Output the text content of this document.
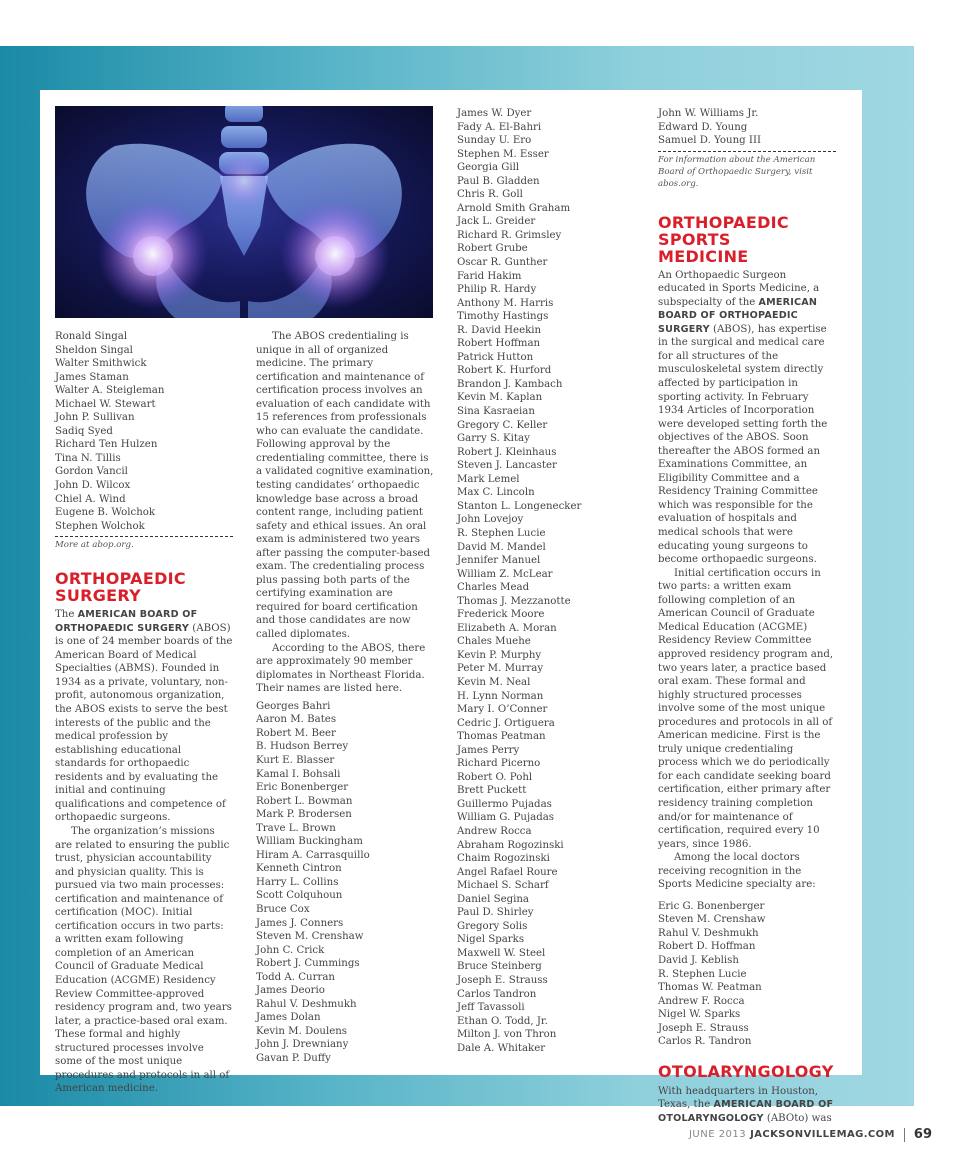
Ronald Singal
Sheldon Singal
Walter Smithwick
James Staman
Walter A. Steigleman
Michael W. Stewart
John P. Sullivan
Sadiq Syed
Richard Ten Hulzen
Tina N. Tillis
Gordon Vancil
John D. Wilcox
Chiel A. Wind
Eugene B. Wolchok
Stephen Wolchok
More at abop.org.
ORTHOPAEDIC SURGERY

The AMERICAN BOARD OF ORTHOPAEDIC SURGERY (ABOS) is one of 24 member boards of the American Board of Medical Specialties (ABMS). Founded in 1934 as a private, voluntary, non-profit, autonomous organization, the ABOS exists to serve the best interests of the public and the medical profession by establishing educational standards for orthopaedic residents and by evaluating the initial and continuing qualifications and competence of orthopaedic surgeons.

The organization’s missions are related to ensuring the public trust, physician accountability and physician quality. This is pursued via two main processes: certification and maintenance of certification (MOC). Initial certification occurs in two parts: a written exam following completion of an American Council of Graduate Medical Education (ACGME) Residency Review Committee-approved residency program and, two years later, a practice-based oral exam. These formal and highly structured processes involve some of the most unique procedures and protocols in all of American medicine.

The ABOS credentialing is unique in all of organized medicine. The primary certification and maintenance of certification process involves an evaluation of each candidate with 15 references from professionals who can evaluate the candidate. Following approval by the credentialing committee, there is a validated cognitive examination, testing candidates’ orthopaedic knowledge base across a broad content range, including patient safety and ethical issues. An oral exam is administered two years after passing the computer-based exam. The credentialing process plus passing both parts of the certifying examination are required for board certification and those candidates are now called diplomates.

According to the ABOS, there are approximately 90 member diplomates in Northeast Florida. Their names are listed here.

Georges Bahri
Aaron M. Bates
Robert M. Beer
B. Hudson Berrey
Kurt E. Blasser
Kamal I. Bohsali
Eric Bonenberger
Robert L. Bowman
Mark P. Brodersen
Trave L. Brown
William Buckingham
Hiram A. Carrasquillo
Kenneth Cintron
Harry L. Collins
Scott Colquhoun
Bruce Cox
James J. Conners
Steven M. Crenshaw
John C. Crick
Robert J. Cummings
Todd A. Curran
James Deorio
Rahul V. Deshmukh
James Dolan
Kevin M. Doulens
John J. Drewniany
Gavan P. Duffy
James W. Dyer
Fady A. El-Bahri
Sunday U. Ero
Stephen M. Esser
Georgia Gill
Paul B. Gladden
Chris R. Goll
Arnold Smith Graham
Jack L. Greider
Richard R. Grimsley
Robert Grube
Oscar R. Gunther
Farid Hakim
Philip R. Hardy
Anthony M. Harris
Timothy Hastings
R. David Heekin
Robert Hoffman
Patrick Hutton
Robert K. Hurford
Brandon J. Kambach
Kevin M. Kaplan
Sina Kasraeian
Gregory C. Keller
Garry S. Kitay
Robert J. Kleinhaus
Steven J. Lancaster
Mark Lemel
Max C. Lincoln
Stanton L. Longenecker
John Lovejoy
R. Stephen Lucie
David M. Mandel
Jennifer Manuel
William Z. McLear
Charles Mead
Thomas J. Mezzanotte
Frederick Moore
Elizabeth A. Moran
Chales Muehe
Kevin P. Murphy
Peter M. Murray
Kevin M. Neal
H. Lynn Norman
Mary I. O’Conner
Cedric J. Ortiguera
Thomas Peatman
James Perry
Richard Picerno
Robert O. Pohl
Brett Puckett
Guillermo Pujadas
William G. Pujadas
Andrew Rocca
Abraham Rogozinski
Chaim Rogozinski
Angel Rafael Roure
Michael S. Scharf
Daniel Segina
Paul D. Shirley
Gregory Solis
Nigel Sparks
Maxwell W. Steel
Bruce Steinberg
Joseph E. Strauss
Carlos Tandron
Jeff Tavassoli
Ethan O. Todd, Jr.
Milton J. von Thron
Dale A. Whitaker
John W. Williams Jr.
Edward D. Young
Samuel D. Young III
For information about the American Board of Orthopaedic Surgery, visit abos.org.
ORTHOPAEDIC SPORTS MEDICINE

An Orthopaedic Surgeon educated in Sports Medicine, a subspecialty of the AMERICAN BOARD OF ORTHOPAEDIC SURGERY (ABOS), has expertise in the surgical and medical care for all structures of the musculoskeletal system directly affected by participation in sporting activity. In February 1934 Articles of Incorporation were developed setting forth the objectives of the ABOS. Soon thereafter the ABOS formed an Examinations Committee, an Eligibility Committee and a Residency Training Committee which was responsible for the evaluation of hospitals and medical schools that were educating young surgeons to become orthopaedic surgeons.

Initial certification occurs in two parts: a written exam following completion of an American Council of Graduate Medical Education (ACGME) Residency Review Committee approved residency program and, two years later, a practice based oral exam. These formal and highly structured processes involve some of the most unique procedures and protocols in all of American medicine. First is the truly unique credentialing process which we do periodically for each candidate seeking board certification, either primary after residency training completion and/or for maintenance of certification, required every 10 years, since 1986.

Among the local doctors receiving recognition in the Sports Medicine specialty are:

Eric G. Bonenberger
Steven M. Crenshaw
Rahul V. Deshmukh
Robert D. Hoffman
David J. Keblish
R. Stephen Lucie
Thomas W. Peatman
Andrew F. Rocca
Nigel W. Sparks
Joseph E. Strauss
Carlos R. Tandron
OTOLARYNGOLOGY

With headquarters in Houston, Texas, the AMERICAN BOARD OF OTOLARYNGOLOGY (ABOto) was

JUNE 2013 JACKSONVILLEMAG.COM 69
